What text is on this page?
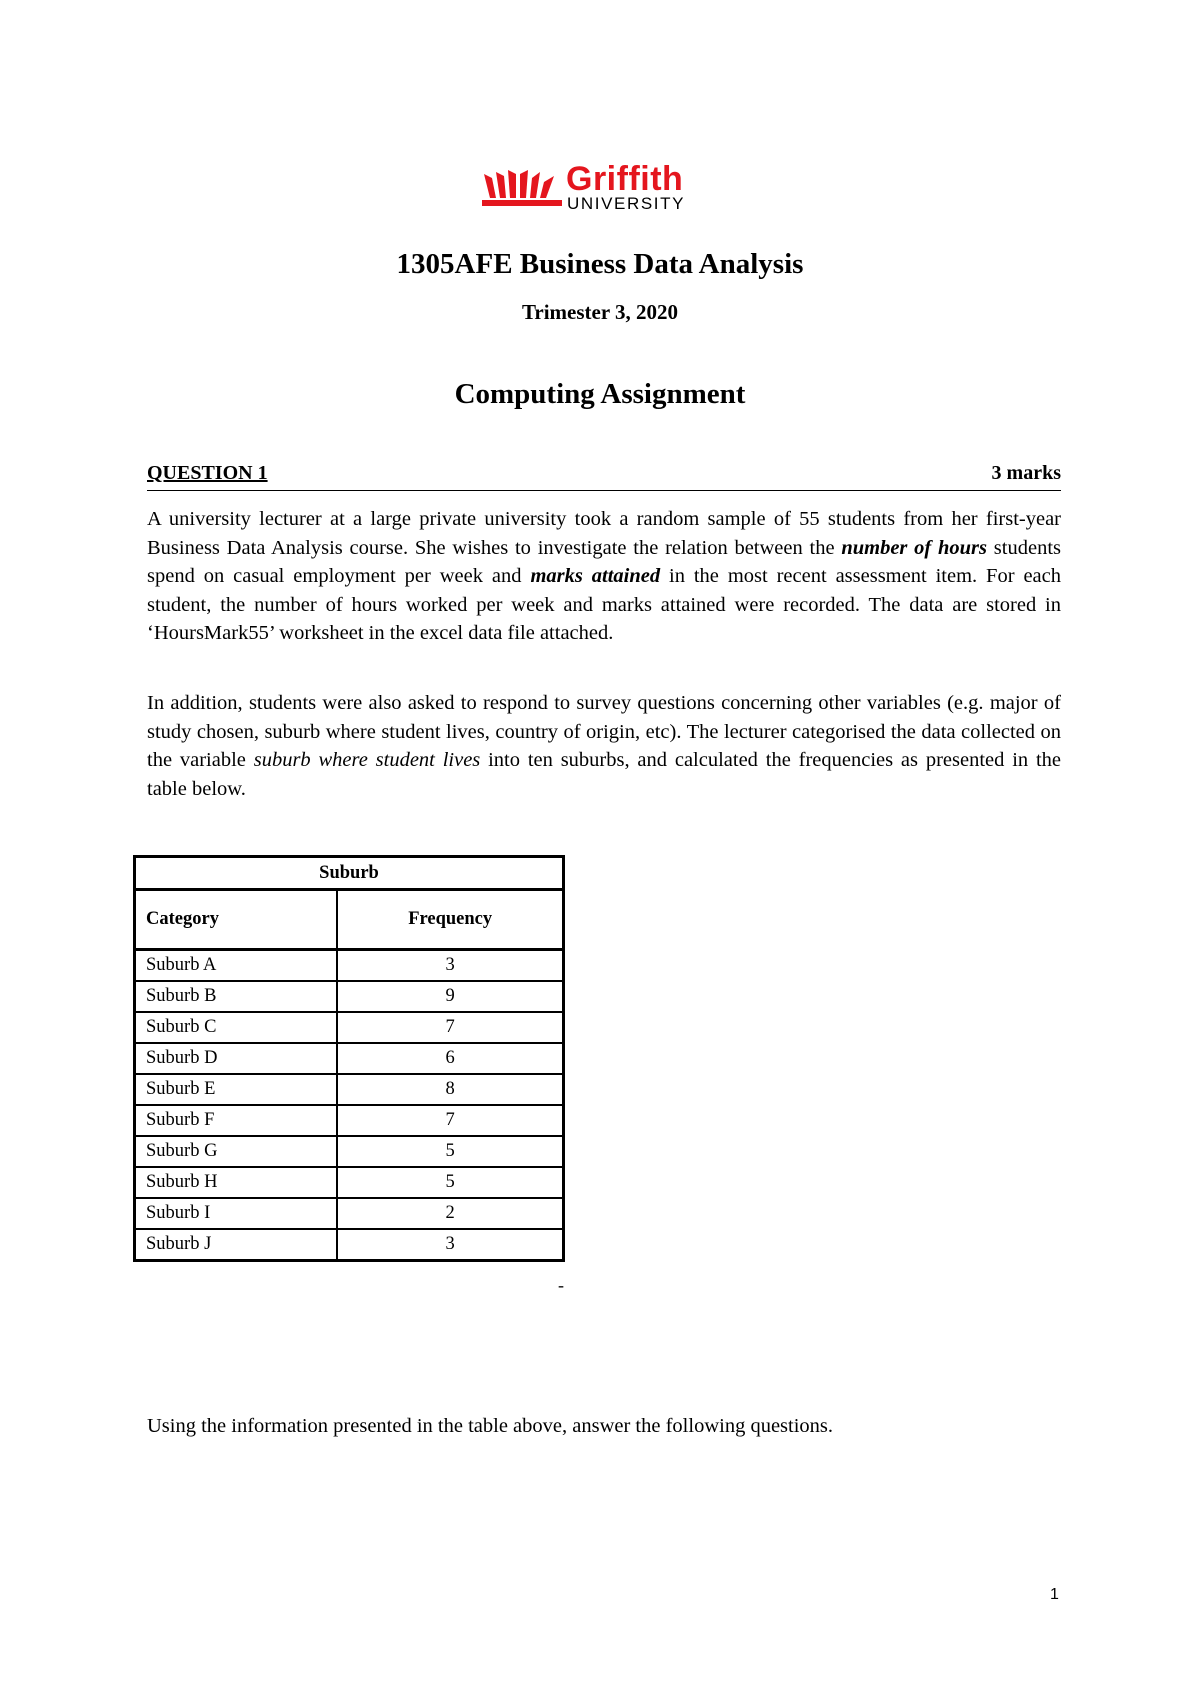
Griffith
UNIVERSITY
1305AFE Business Data Analysis
Trimester 3, 2020
Computing Assignment
QUESTION 1	3 marks

A university lecturer at a large private university took a random sample of 55 students from her first-year Business Data Analysis course. She wishes to investigate the relation between the number of hours students spend on casual employment per week and marks attained in the most recent assessment item. For each student, the number of hours worked per week and marks attained were recorded. The data are stored in ‘HoursMark55’ worksheet in the excel data file attached.

In addition, students were also asked to respond to survey questions concerning other variables (e.g. major of study chosen, suburb where student lives, country of origin, etc). The lecturer categorised the data collected on the variable suburb where student lives into ten suburbs, and calculated the frequencies as presented in the table below.

Suburb	
Category	Frequency
Suburb A	3
Suburb B	9
Suburb C	7
Suburb D	6
Suburb E	8
Suburb F	7
Suburb G	5
Suburb H	5
Suburb I	2
Suburb J	3
-
Using the information presented in the table above, answer the following questions.
1
